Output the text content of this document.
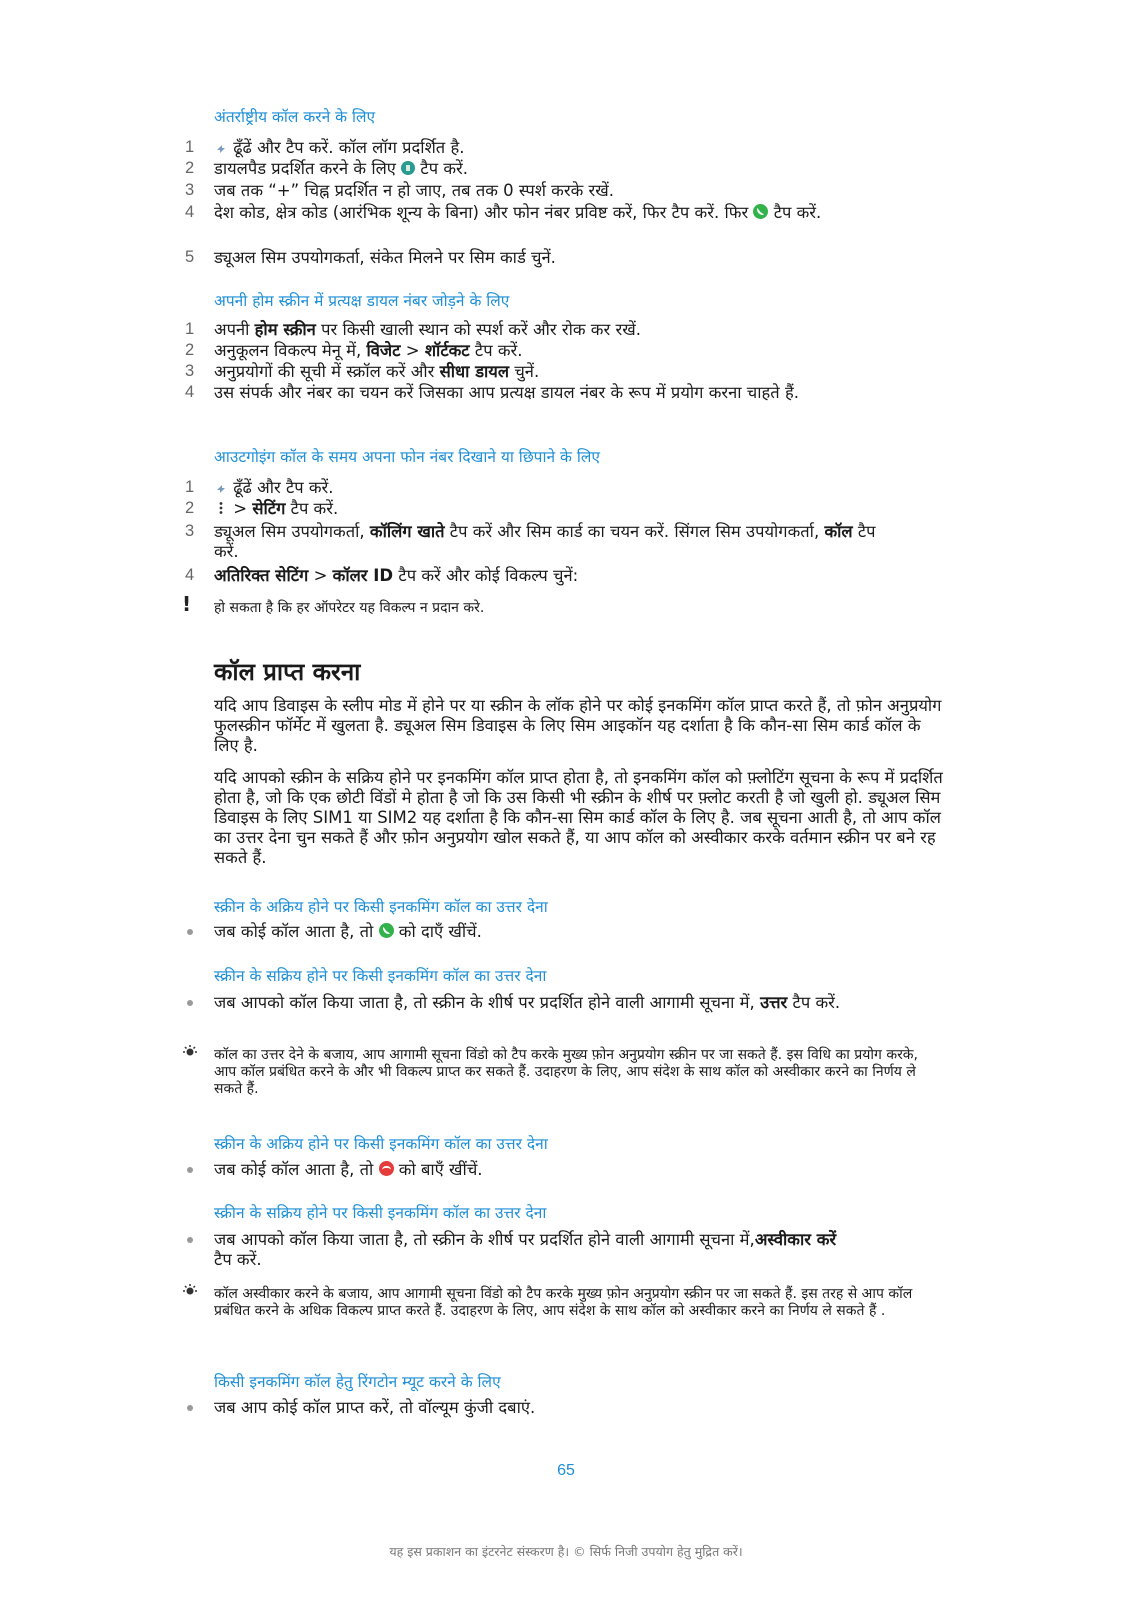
अंतर्राष्ट्रीय कॉल करने के लिए
1	ढूँढें और टैप करें. कॉल लॉग प्रदर्शित है.
2	डायलपैड प्रदर्शित करने के लिए टैप करें.
3	जब तक “+” चिह्न प्रदर्शित न हो जाए, तब तक 0 स्पर्श करके रखें.
4	देश कोड, क्षेत्र कोड (आरंभिक शून्य के बिना) और फोन नंबर प्रविष्ट करें, फिर टैप करें. फिर टैप करें.
5	ड्यूअल सिम उपयोगकर्ता, संकेत मिलने पर सिम कार्ड चुनें.
अपनी होम स्क्रीन में प्रत्यक्ष डायल नंबर जोड़ने के लिए
1	अपनी होम स्क्रीन पर किसी खाली स्थान को स्पर्श करें और रोक कर रखें.
2	अनुकूलन विकल्प मेनू में, विजेट > शॉर्टकट टैप करें.
3	अनुप्रयोगों की सूची में स्क्रॉल करें और सीधा डायल चुनें.
4	उस संपर्क और नंबर का चयन करें जिसका आप प्रत्यक्ष डायल नंबर के रूप में प्रयोग करना चाहते हैं.
आउटगोइंग कॉल के समय अपना फोन नंबर दिखाने या छिपाने के लिए
1	ढूँढें और टैप करें.
2	> सेटिंग टैप करें.
3	ड्यूअल सिम उपयोगकर्ता, कॉलिंग खाते टैप करें और सिम कार्ड का चयन करें. सिंगल सिम उपयोगकर्ता, कॉल टैप करें.
4	अतिरिक्त सेटिंग > कॉलर ID टैप करें और कोई विकल्प चुनें:
! हो सकता है कि हर ऑपरेटर यह विकल्प न प्रदान करे.
कॉल प्राप्त करना
यदि आप डिवाइस के स्लीप मोड में होने पर या स्क्रीन के लॉक होने पर कोई इनकमिंग कॉल प्राप्त करते हैं, तो फ़ोन अनुप्रयोग फुलस्क्रीन फॉर्मेट में खुलता है. ड्यूअल सिम डिवाइस के लिए सिम आइकॉन यह दर्शाता है कि कौन-सा सिम कार्ड कॉल के लिए है.
यदि आपको स्क्रीन के सक्रिय होने पर इनकमिंग कॉल प्राप्त होता है, तो इनकमिंग कॉल को फ़्लोटिंग सूचना के रूप में प्रदर्शित होता है, जो कि एक छोटी विंडों मे होता है जो कि उस किसी भी स्क्रीन के शीर्ष पर फ़्लोट करती है जो खुली हो. ड्यूअल सिम डिवाइस के लिए SIM1 या SIM2 यह दर्शाता है कि कौन-सा सिम कार्ड कॉल के लिए है. जब सूचना आती है, तो आप कॉल का उत्तर देना चुन सकते हैं और फ़ोन अनुप्रयोग खोल सकते हैं, या आप कॉल को अस्वीकार करके वर्तमान स्क्रीन पर बने रह सकते हैं.
स्क्रीन के अक्रिय होने पर किसी इनकमिंग कॉल का उत्तर देना
जब कोई कॉल आता है, तो को दाएँ खींचें.
स्क्रीन के सक्रिय होने पर किसी इनकमिंग कॉल का उत्तर देना
जब आपको कॉल किया जाता है, तो स्क्रीन के शीर्ष पर प्रदर्शित होने वाली आगामी सूचना में, उत्तर टैप करें.
कॉल का उत्तर देने के बजाय, आप आगामी सूचना विंडो को टैप करके मुख्य फ़ोन अनुप्रयोग स्क्रीन पर जा सकते हैं. इस विधि का प्रयोग करके, आप कॉल प्रबंधित करने के और भी विकल्प प्राप्त कर सकते हैं. उदाहरण के लिए, आप संदेश के साथ कॉल को अस्वीकार करने का निर्णय ले सकते हैं.
स्क्रीन के अक्रिय होने पर किसी इनकमिंग कॉल का उत्तर देना
जब कोई कॉल आता है, तो को बाएँ खींचें.
स्क्रीन के सक्रिय होने पर किसी इनकमिंग कॉल का उत्तर देना
जब आपको कॉल किया जाता है, तो स्क्रीन के शीर्ष पर प्रदर्शित होने वाली आगामी सूचना में,अस्वीकार करें टैप करें.
कॉल अस्वीकार करने के बजाय, आप आगामी सूचना विंडो को टैप करके मुख्य फ़ोन अनुप्रयोग स्क्रीन पर जा सकते हैं. इस तरह से आप कॉल प्रबंधित करने के अधिक विकल्प प्राप्त करते हैं. उदाहरण के लिए, आप संदेश के साथ कॉल को अस्वीकार करने का निर्णय ले सकते हैं .
किसी इनकमिंग कॉल हेतु रिंगटोन म्यूट करने के लिए
जब आप कोई कॉल प्राप्त करें, तो वॉल्यूम कुंजी दबाएं.
65
यह इस प्रकाशन का इंटरनेट संस्करण है। © सिर्फ निजी उपयोग हेतु मुद्रित करें।
